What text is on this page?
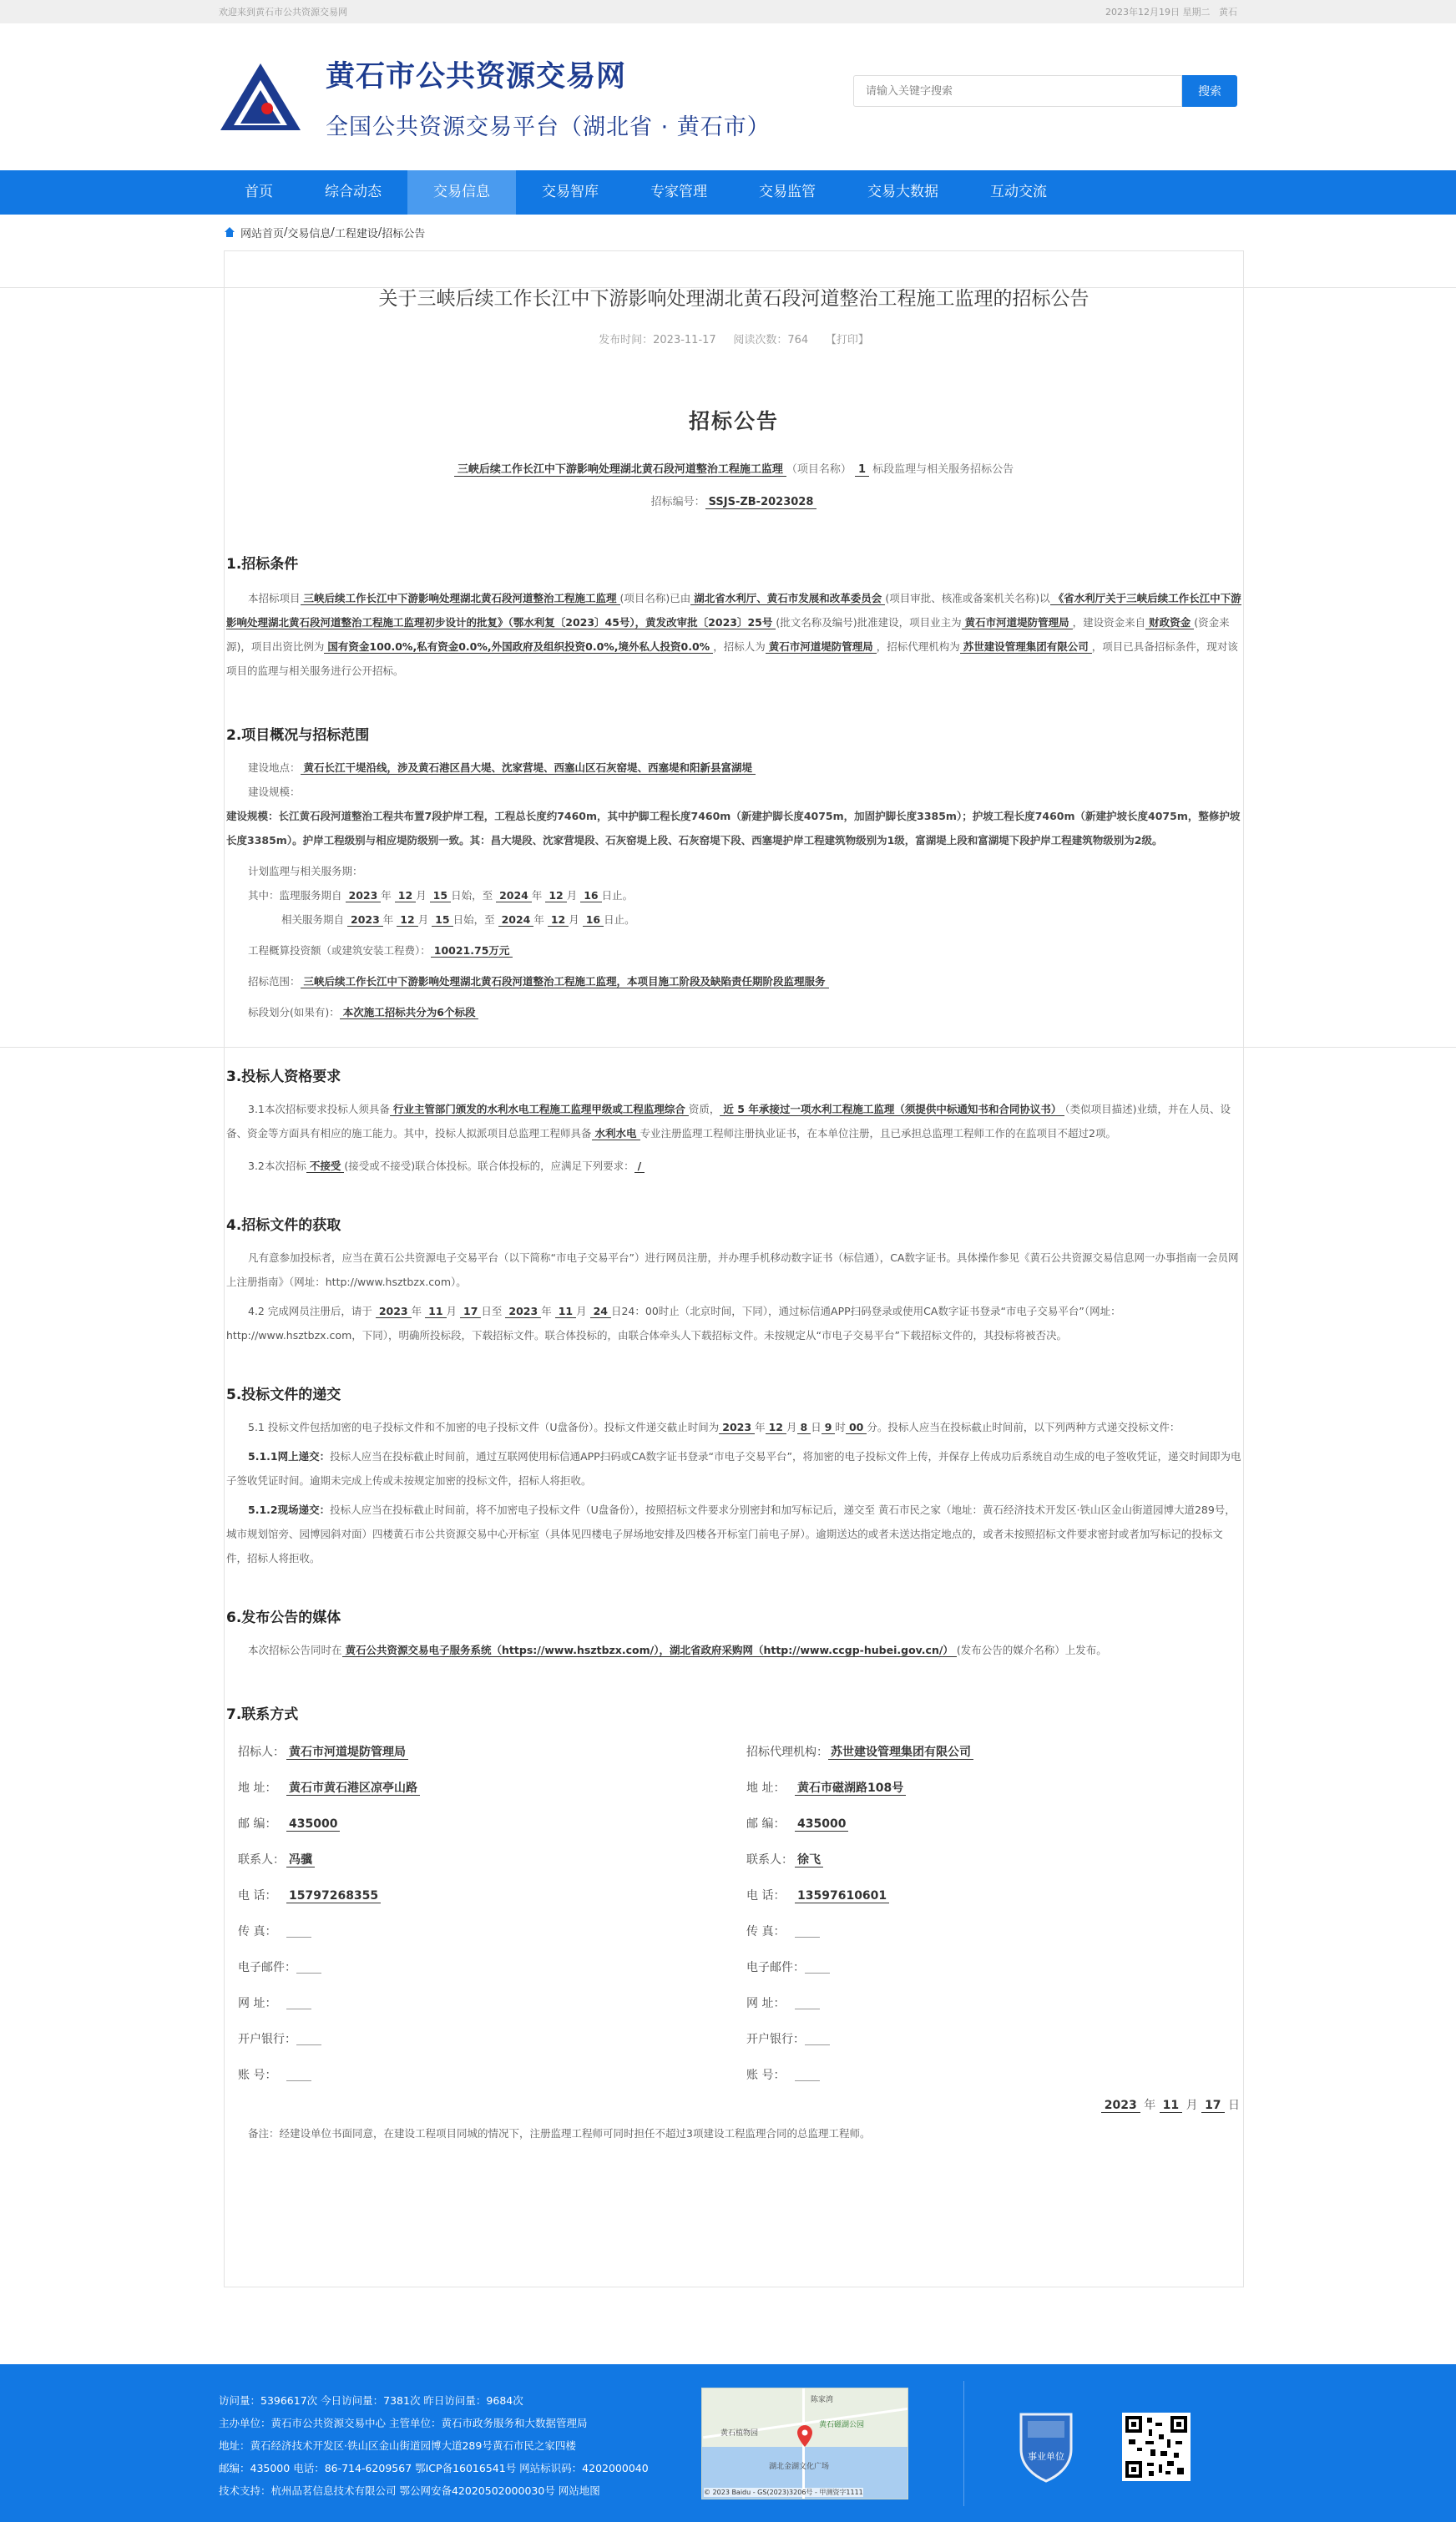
欢迎来到黄石市公共资源交易网	2023年12月19日 星期二 黄石
黄石市公共资源交易网
全国公共资源交易平台（湖北省 · 黄石市）
请输入关键字搜索
搜索
首页	综合动态	交易信息	交易智库	专家管理	交易监管	交易大数据	互动交流
网站首页 / 交易信息 / 工程建设 / 招标公告
关于三峡后续工作长江中下游影响处理湖北黄石段河道整治工程施工监理的招标公告
发布时间：2023-11-17 阅读次数：764 【打印】
招标公告
三峡后续工作长江中下游影响处理湖北黄石段河道整治工程施工监理 （项目名称） 1 标段监理与相关服务招标公告
招标编号： SSJS-ZB-2023028
1.招标条件
本招标项目 三峡后续工作长江中下游影响处理湖北黄石段河道整治工程施工监理 (项目名称)已由 湖北省水利厅、黄石市发展和改革委员会 (项目审批、核准或备案机关名称)以 《省水利厅关于三峡后续工作长江中下游影响处理湖北黄石段河道整治工程施工监理初步设计的批复》（鄂水利复〔2023〕45号），黄发改审批〔2023〕25号 (批文名称及编号)批准建设，项目业主为 黄石市河道堤防管理局 ，建设资金来自 财政资金 (资金来源)，项目出资比例为 国有资金100.0%,私有资金0.0%,外国政府及组织投资0.0%,境外私人投资0.0% ，招标人为 黄石市河道堤防管理局 ，招标代理机构为 苏世建设管理集团有限公司 ，项目已具备招标条件，现对该项目的监理与相关服务进行公开招标。
2.项目概况与招标范围
建设地点： 黄石长江干堤沿线，涉及黄石港区昌大堤、沈家营堤、西塞山区石灰窑堤、西塞堤和阳新县富湖堤
建设规模：
建设规模：长江黄石段河道整治工程共布置7段护岸工程，工程总长度约7460m，其中护脚工程长度7460m（新建护脚长度4075m，加固护脚长度3385m）；护坡工程长度7460m（新建护坡长度4075m，整修护坡长度3385m）。护岸工程级别与相应堤防级别一致。其：昌大堤段、沈家营堤段、石灰窑堤上段、石灰窑堤下段、西塞堤护岸工程建筑物级别为1级，富湖堤上段和富湖堤下段护岸工程建筑物级别为2级。
计划监理与相关服务期：
其中：监理服务期自 2023 年 12 月 15 日始，至 2024 年 12 月 16 日止。
相关服务期自 2023 年 12 月 15 日始，至 2024 年 12 月 16 日止。
工程概算投资额（或建筑安装工程费）： 10021.75万元
招标范围： 三峡后续工作长江中下游影响处理湖北黄石段河道整治工程施工监理，本项目施工阶段及缺陷责任期阶段监理服务
标段划分(如果有)： 本次施工招标共分为6个标段
3.投标人资格要求
3.1本次招标要求投标人须具备 行业主管部门颁发的水利水电工程施工监理甲级或工程监理综合 资质， 近 5 年承接过一项水利工程施工监理（须提供中标通知书和合同协议书） （类似项目描述)业绩，并在人员、设备、资金等方面具有相应的施工能力。其中，投标人拟派项目总监理工程师具备 水利水电 专业注册监理工程师注册执业证书，在本单位注册，且已承担总监理工程师工作的在监项目不超过2项。
3.2本次招标 不接受 (接受或不接受)联合体投标。联合体投标的，应满足下列要求： /
4.招标文件的获取
凡有意参加投标者，应当在黄石公共资源电子交易平台（以下简称“市电子交易平台”）进行网员注册，并办理手机移动数字证书（标信通），CA数字证书。具体操作参见《黄石公共资源交易信息网一办事指南一会员网上注册指南》（网址：http://www.hsztbzx.com）。
4.2 完成网员注册后，请于 2023 年 11 月 17 日至 2023 年 11 月 24 日24：00时止（北京时间，下同），通过标信通APP扫码登录或使用CA数字证书登录“市电子交易平台”（网址：http://www.hsztbzx.com，下同），明确所投标段，下载招标文件。联合体投标的，由联合体牵头人下载招标文件。未按规定从“市电子交易平台”下载招标文件的，其投标将被否决。
5.投标文件的递交
5.1 投标文件包括加密的电子投标文件和不加密的电子投标文件（U盘备份）。投标文件递交截止时间为 2023 年 12 月 8 日 9 时 00 分。投标人应当在投标截止时间前，以下列两种方式递交投标文件：
5.1.1网上递交：投标人应当在投标截止时间前，通过互联网使用标信通APP扫码或CA数字证书登录“市电子交易平台”，将加密的电子投标文件上传，并保存上传成功后系统自动生成的电子签收凭证，递交时间即为电子签收凭证时间。逾期未完成上传或未按规定加密的投标文件，招标人将拒收。
5.1.2现场递交：投标人应当在投标截止时间前，将不加密电子投标文件（U盘备份），按照招标文件要求分别密封和加写标记后，递交至 黄石市民之家（地址：黄石经济技术开发区·铁山区金山街道园博大道289号，城市规划馆旁、园博园斜对面）四楼黄石市公共资源交易中心开标室（具体见四楼电子屏场地安排及四楼各开标室门前电子屏）。逾期送达的或者未送达指定地点的，或者未按照招标文件要求密封或者加写标记的投标文件，招标人将拒收。
6.发布公告的媒体
本次招标公告同时在 黄石公共资源交易电子服务系统（https://www.hsztbzx.com/），湖北省政府采购网（http://www.ccgp-hubei.gov.cn/） (发布公告的媒介名称）上发布。
7.联系方式
招标人： 黄石市河道堤防管理局
地 址： 黄石市黄石港区凉亭山路
邮 编： 435000
联系人： 冯骥
电 话： 15797268355
传 真：
电子邮件：
网 址：
开户银行：
账 号：
招标代理机构： 苏世建设管理集团有限公司
地 址： 黄石市磁湖路108号
邮 编： 435000
联系人： 徐飞
电 话： 13597610601
传 真：
电子邮件：
网 址：
开户银行：
账 号：
2023 年 11 月 17 日
备注：经建设单位书面同意，在建设工程项目同城的情况下，注册监理工程师可同时担任不超过3项建设工程监理合同的总监理工程师。
访问量：5396617次 今日访问量：7381次 昨日访问量：9684次
主办单位：黄石市公共资源交易中心 主管单位：黄石市政务服务和大数据管理局
地址：黄石经济技术开发区·铁山区金山街道园博大道289号黄石市民之家四楼
邮编：435000 电话：86-714-6209567 鄂ICP备16016541号 网站标识码：4202000040
技术支持：杭州品茗信息技术有限公司 鄂公网安备42020502000030号 网站地图
黄石植物园
黄石磁湖公园
湖北金湖文化广场
陈家湾
© 2023 Baidu - GS(2023)3206号 - 甲测资字1111
事业单位
